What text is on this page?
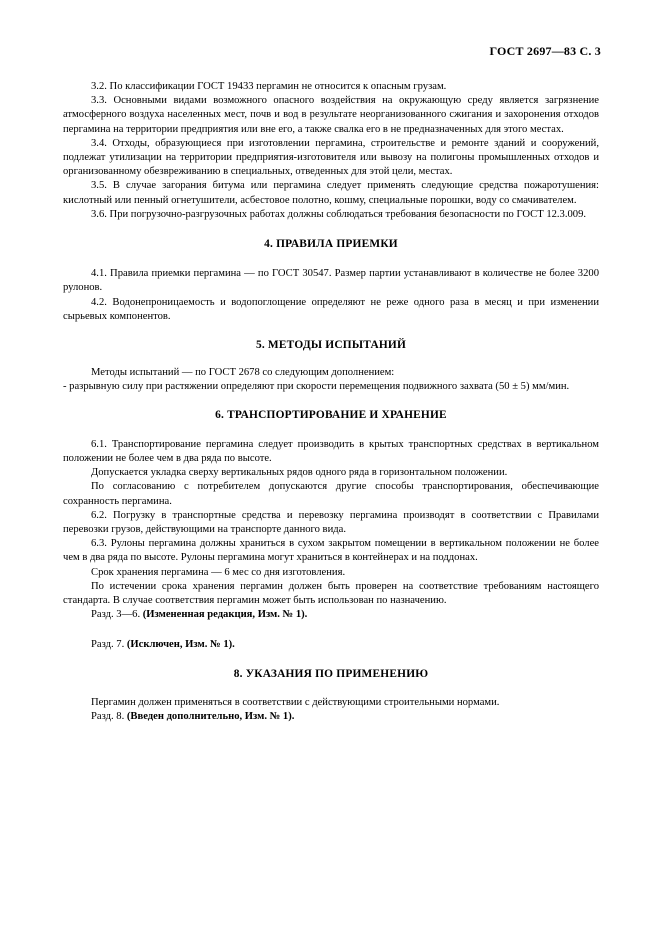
ГОСТ 2697—83 С. 3

3.2. По классификации ГОСТ 19433 пергамин не относится к опасным грузам.

3.3. Основными видами возможного опасного воздействия на окружающую среду является загрязнение атмосферного воздуха населенных мест, почв и вод в результате неорганизованного сжигания и захоронения отходов пергамина на территории предприятия или вне его, а также свалка его в не предназначенных для этого местах.

3.4. Отходы, образующиеся при изготовлении пергамина, строительстве и ремонте зданий и сооружений, подлежат утилизации на территории предприятия-изготовителя или вывозу на полигоны промышленных отходов и организованному обезвреживанию в специальных, отведенных для этой цели, местах.

3.5. В случае загорания битума или пергамина следует применять следующие средства пожаротушения: кислотный или пенный огнетушители, асбестовое полотно, кошму, специальные порошки, воду со смачивателем.

3.6. При погрузочно-разгрузочных работах должны соблюдаться требования безопасности по ГОСТ 12.3.009.

4. ПРАВИЛА ПРИЕМКИ

4.1. Правила приемки пергамина — по ГОСТ 30547. Размер партии устанавливают в количестве не более 3200 рулонов.

4.2. Водонепроницаемость и водопоглощение определяют не реже одного раза в месяц и при изменении сырьевых компонентов.

5. МЕТОДЫ ИСПЫТАНИЙ

Методы испытаний — по ГОСТ 2678 со следующим дополнением:

- разрывную силу при растяжении определяют при скорости перемещения подвижного захвата (50 ± 5) мм/мин.

6. ТРАНСПОРТИРОВАНИЕ И ХРАНЕНИЕ

6.1. Транспортирование пергамина следует производить в крытых транспортных средствах в вертикальном положении не более чем в два ряда по высоте.

Допускается укладка сверху вертикальных рядов одного ряда в горизонтальном положении.

По согласованию с потребителем допускаются другие способы транспортирования, обеспечивающие сохранность пергамина.

6.2. Погрузку в транспортные средства и перевозку пергамина производят в соответствии с Правилами перевозки грузов, действующими на транспорте данного вида.

6.3. Рулоны пергамина должны храниться в сухом закрытом помещении в вертикальном положении не более чем в два ряда по высоте. Рулоны пергамина могут храниться в контейнерах и на поддонах.

Срок хранения пергамина — 6 мес со дня изготовления.

По истечении срока хранения пергамин должен быть проверен на соответствие требованиям настоящего стандарта. В случае соответствия пергамин может быть использован по назначению.

Разд. 3—6. (Измененная редакция, Изм. № 1).

Разд. 7. (Исключен, Изм. № 1).

8. УКАЗАНИЯ ПО ПРИМЕНЕНИЮ

Пергамин должен применяться в соответствии с действующими строительными нормами.

Разд. 8. (Введен дополнительно, Изм. № 1).
